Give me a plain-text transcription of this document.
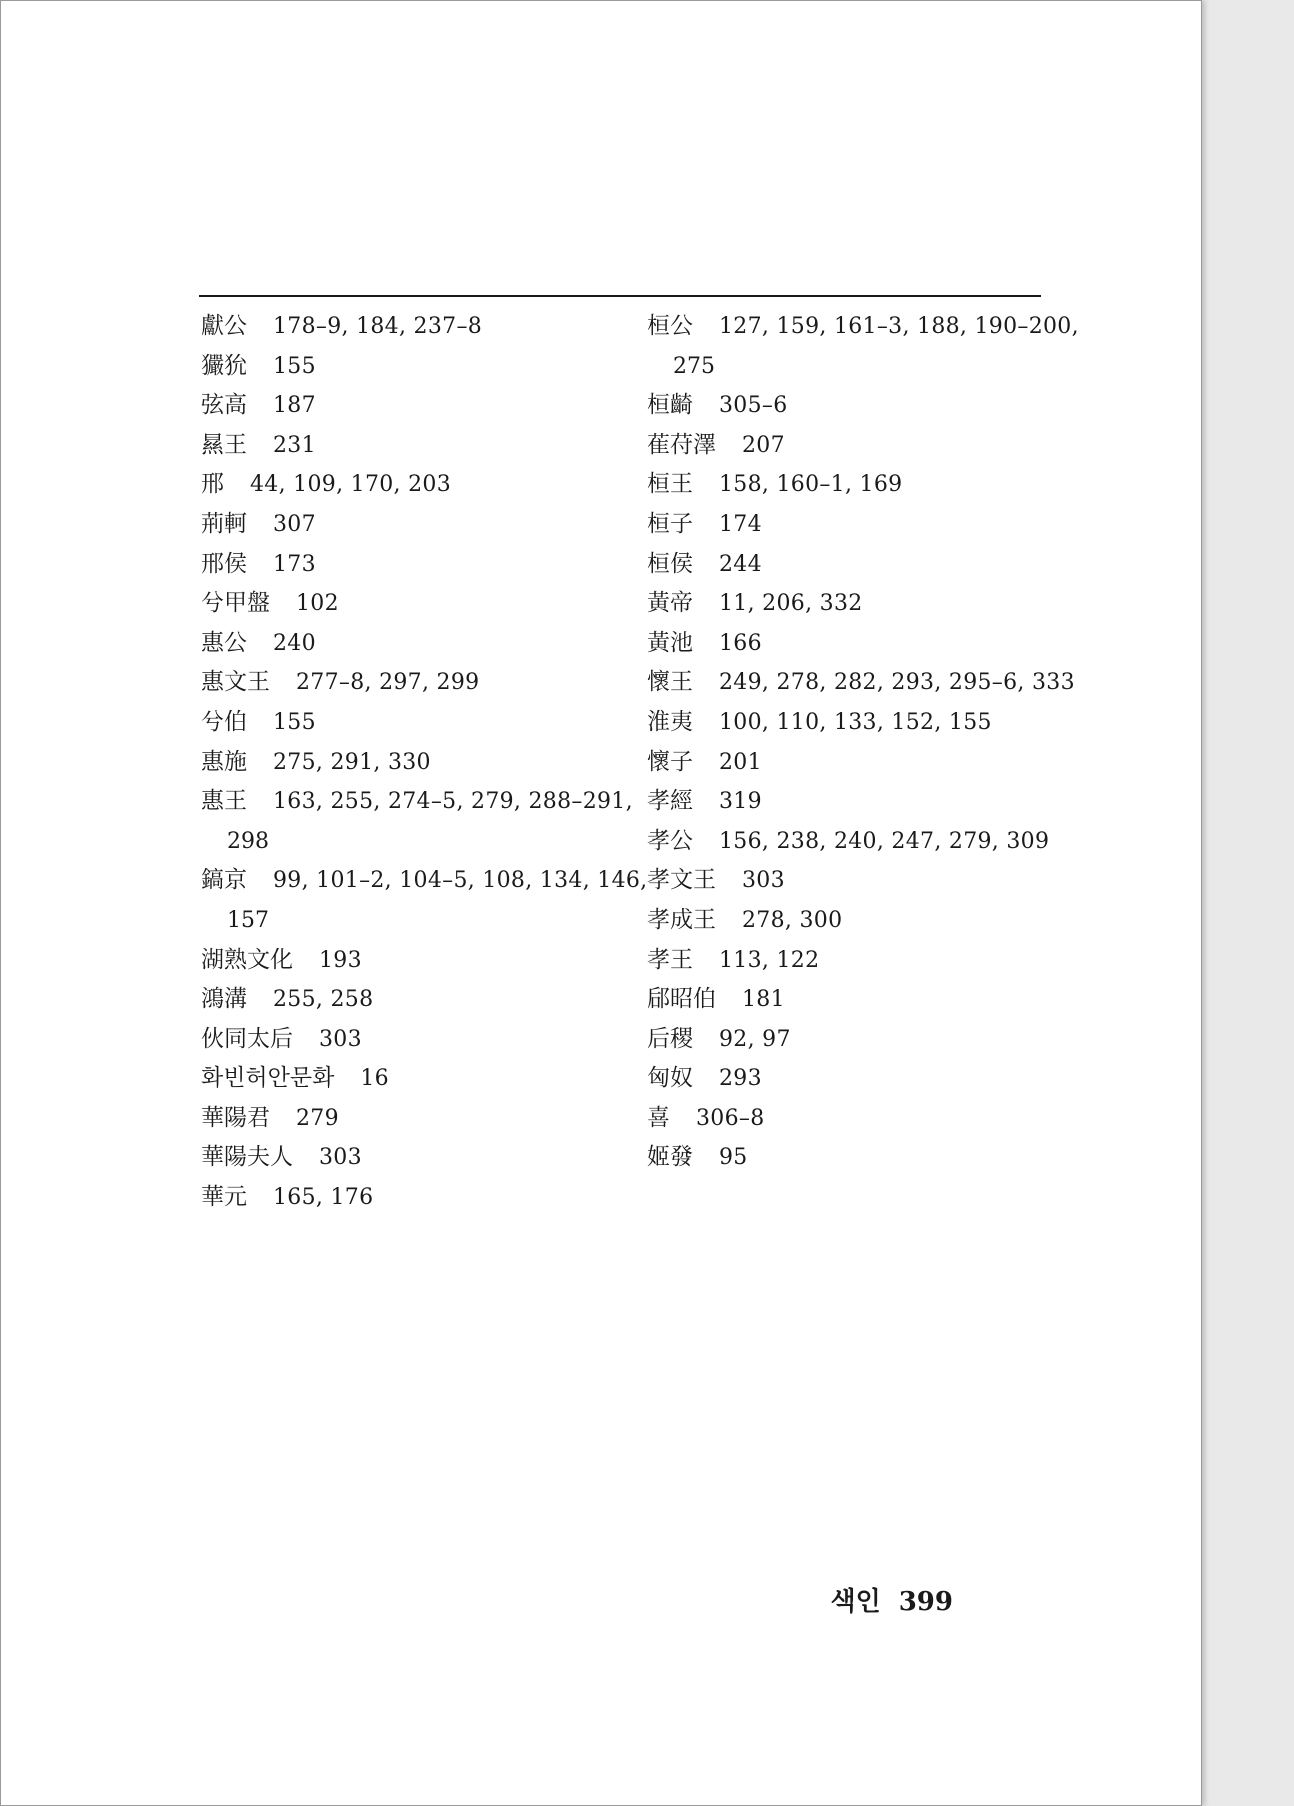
獻公 178–9, 184, 237–8
玁狁 155
弦高 187
㬎王 231
邢 44, 109, 170, 203
荊軻 307
邢侯 173
兮甲盤 102
惠公 240
惠文王 277–8, 297, 299
兮伯 155
惠施 275, 291, 330
惠王 163, 255, 274–5, 279, 288–291,
298
鎬京 99, 101–2, 104–5, 108, 134, 146,
157
湖熟文化 193
鴻溝 255, 258
伙同太后 303
화빈허안문화 16
華陽君 279
華陽夫人 303
華元 165, 176
桓公 127, 159, 161–3, 188, 190–200,
275
桓齮 305–6
萑苻澤 207
桓王 158, 160–1, 169
桓子 174
桓侯 244
黃帝 11, 206, 332
黃池 166
懷王 249, 278, 282, 293, 295–6, 333
淮夷 100, 110, 133, 152, 155
懷子 201
孝經 319
孝公 156, 238, 240, 247, 279, 309
孝文王 303
孝成王 278, 300
孝王 113, 122
郈昭伯 181
后稷 92, 97
匈奴 293
喜 306–8
姬發 95
색인 399
